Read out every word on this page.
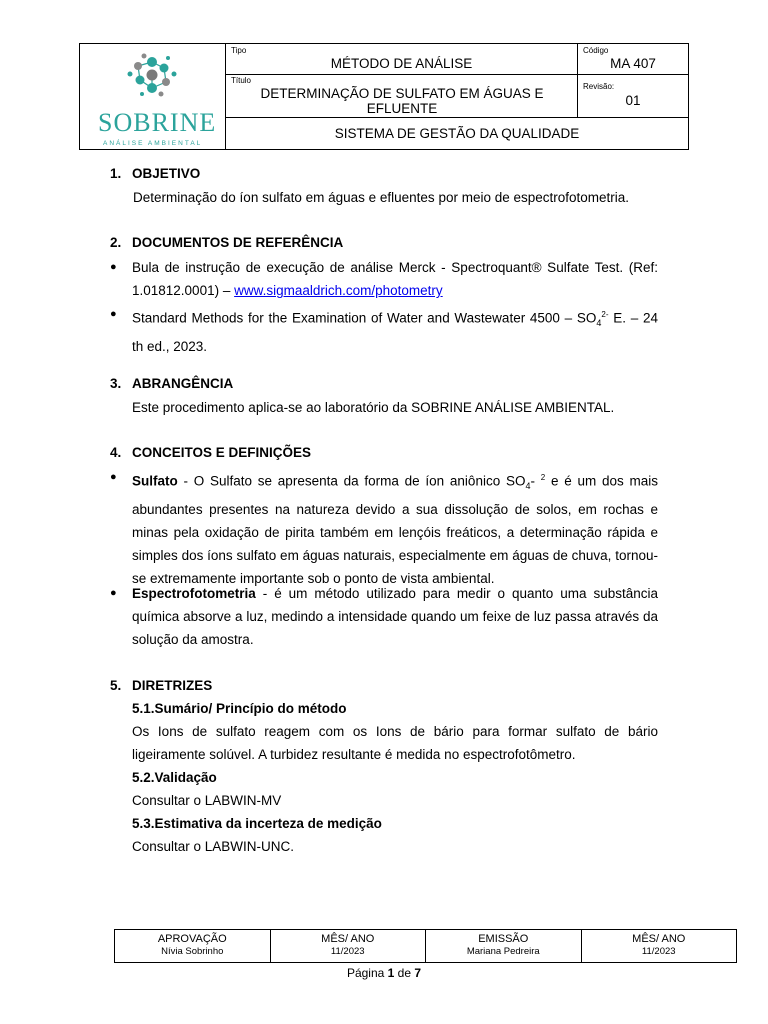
SOBRINE
ANÁLISE AMBIENTAL
Tipo
MÉTODO DE ANÁLISE
Código
MA 407
Título
DETERMINAÇÃO DE SULFATO EM ÁGUAS E EFLUENTE
Revisão:
01
SISTEMA DE GESTÃO DA QUALIDADE
1. OBJETIVO
Determinação do íon sulfato em águas e efluentes por meio de espectrofotometria.
2. DOCUMENTOS DE REFERÊNCIA
● Bula de instrução de execução de análise Merck - Spectroquant® Sulfate Test. (Ref: 1.01812.0001) – www.sigmaaldrich.com/photometry
● Standard Methods for the Examination of Water and Wastewater $4500 - SO_4^{2-}$ E. – 24 th ed., 2023.
3. ABRANGÊNCIA
Este procedimento aplica-se ao laboratório da SOBRINE ANÁLISE AMBIENTAL.
4. CONCEITOS E DEFINIÇÕES
● Sulfato - O Sulfato se apresenta da forma de íon aniônico $SO_4-$ $^2$ e é um dos mais abundantes presentes na natureza devido a sua dissolução de solos, em rochas e minas pela oxidação de pirita também em lençóis freáticos, a determinação rápida e simples dos íons sulfato em águas naturais, especialmente em águas de chuva, tornou-se extremamente importante sob o ponto de vista ambiental.
● Espectrofotometria - é um método utilizado para medir o quanto uma substância química absorve a luz, medindo a intensidade quando um feixe de luz passa através da solução da amostra.
5. DIRETRIZES
5.1.Sumário/ Princípio do método
Os Ions de sulfato reagem com os Ions de bário para formar sulfato de bário ligeiramente solúvel. A turbidez resultante é medida no espectrofotômetro.
5.2.Validação
Consultar o LABWIN-MV
5.3.Estimativa da incerteza de medição
Consultar o LABWIN-UNC.
APROVAÇÃO
Nívia Sobrinho
MÊS/ ANO
11/2023
EMISSÃO
Mariana Pedreira
MÊS/ ANO
11/2023
Página 1 de 7
